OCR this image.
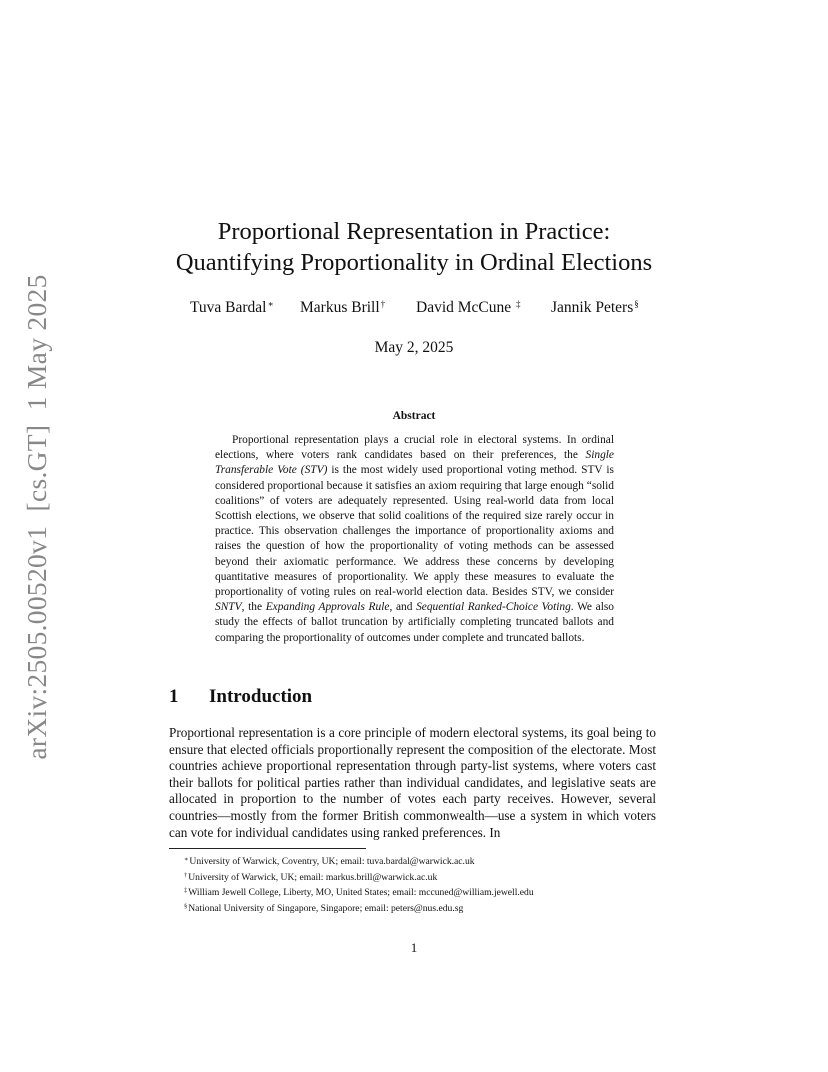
arXiv:2505.00520v1  [cs.GT]  1 May 2025
Proportional Representation in Practice:
Quantifying Proportionality in Ordinal Elections
Tuva Bardal∗ Markus Brill† David McCune ‡ Jannik Peters§
May 2, 2025
Abstract

Proportional representation plays a crucial role in electoral systems. In ordinal elections, where voters rank candidates based on their preferences, the Single Transferable Vote (STV) is the most widely used proportional voting method. STV is considered proportional because it satisfies an axiom requiring that large enough “solid coalitions” of voters are adequately represented. Using real-world data from local Scottish elections, we observe that solid coalitions of the required size rarely occur in practice. This observation challenges the importance of proportionality axioms and raises the question of how the proportionality of voting methods can be assessed beyond their axiomatic performance. We address these concerns by developing quantitative measures of proportionality. We apply these measures to evaluate the proportionality of voting rules on real-world election data. Besides STV, we consider SNTV, the Expanding Approvals Rule, and Sequential Ranked-Choice Voting. We also study the effects of ballot truncation by artificially completing truncated ballots and comparing the proportionality of outcomes under complete and truncated ballots.

1 Introduction

Proportional representation is a core principle of modern electoral systems, its goal being to ensure that elected officials proportionally represent the composition of the electorate. Most countries achieve proportional representation through party-list systems, where voters cast their ballots for political parties rather than individual candidates, and legislative seats are allocated in proportion to the number of votes each party receives. However, several countries—mostly from the former British commonwealth—use a system in which voters can vote for individual candidates using ranked preferences. In

∗University of Warwick, Coventry, UK; email: tuva.bardal@warwick.ac.uk
†University of Warwick, UK; email: markus.brill@warwick.ac.uk
‡William Jewell College, Liberty, MO, United States; email: mccuned@william.jewell.edu
§National University of Singapore, Singapore; email: peters@nus.edu.sg
1
